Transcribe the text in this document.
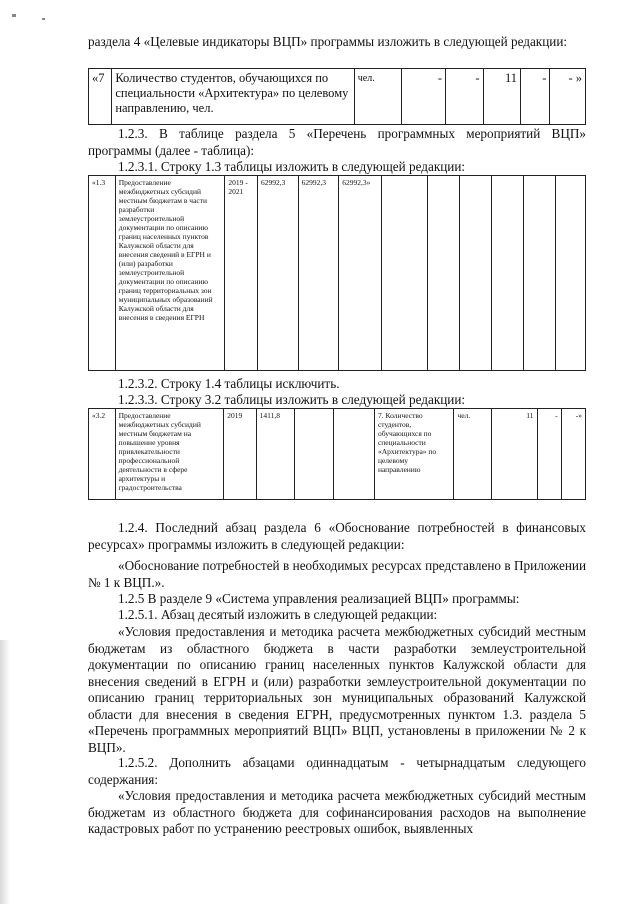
раздела 4 «Целевые индикаторы ВЦП» программы изложить в следующей редакции:

«7	Количество студентов, обучающихся по специальности «Архитектура» по целевому направлению, чел.	чел.	-	-	11	-	- »

1.2.3. В таблице раздела 5 «Перечень программных мероприятий ВЦП» программы (далее - таблица):

1.2.3.1. Строку 1.3 таблицы изложить в следующей редакции:

«1.3	Предоставление межбюджетных субсидий местным бюджетам в части разработки землеустроительной документации по описанию границ населенных пунктов Калужской области для внесения сведений в ЕГРН и (или) разработки землеустроительной документации по описанию границ территориальных зон муниципальных образований Калужской области для внесения в сведения ЕГРН	2019 - 2021	62992,3	62992,3	62992,3»						

1.2.3.2. Строку 1.4 таблицы исключить.

1.2.3.3. Строку 3.2 таблицы изложить в следующей редакции:

«3.2	Предоставление межбюджетных субсидий местным бюджетам на повышение уровня привлекательности профессиональной деятельности в сфере архитектуры и градостроительства	2019	1411,8			7. Количество студентов, обучающихся по специальности «Архитектура» по целевому направлению	чел.	11	-	-»

1.2.4. Последний абзац раздела 6 «Обоснование потребностей в финансовых ресурсах» программы изложить в следующей редакции:

«Обоснование потребностей в необходимых ресурсах представлено в Приложении № 1 к ВЦП.».

1.2.5 В разделе 9 «Система управления реализацией ВЦП» программы:

1.2.5.1. Абзац десятый изложить в следующей редакции:

«Условия предоставления и методика расчета межбюджетных субсидий местным бюджетам из областного бюджета в части разработки землеустроительной документации по описанию границ населенных пунктов Калужской области для внесения сведений в ЕГРН и (или) разработки землеустроительной документации по описанию границ территориальных зон муниципальных образований Калужской области для внесения в сведения ЕГРН, предусмотренных пунктом 1.3. раздела 5 «Перечень программных мероприятий ВЦП» ВЦП, установлены в приложении № 2 к ВЦП».

1.2.5.2. Дополнить абзацами одиннадцатым - четырнадцатым следующего содержания:

«Условия предоставления и методика расчета межбюджетных субсидий местным бюджетам из областного бюджета для софинансирования расходов на выполнение кадастровых работ по устранению реестровых ошибок, выявленных
